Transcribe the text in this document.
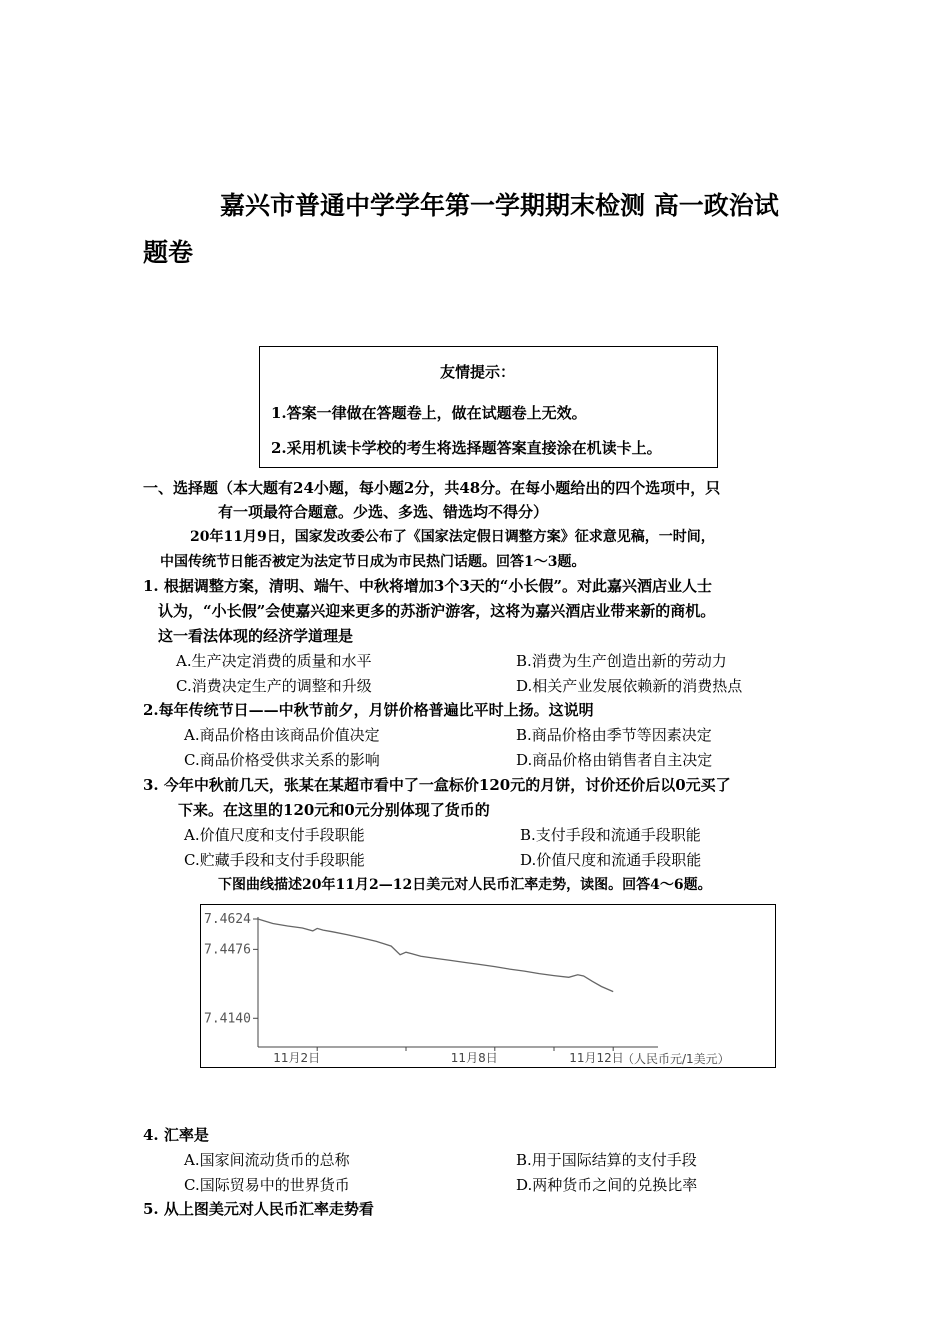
嘉兴市普通中学学年第一学期期末检测 高一政治试
题卷
友情提示：
1.答案一律做在答题卷上，做在试题卷上无效。
2.采用机读卡学校的考生将选择题答案直接涂在机读卡上。
一、选择题（本大题有24小题，每小题2分，共48分。在每小题给出的四个选项中，只
有一项最符合题意。少选、多选、错选均不得分）
20年11月9日，国家发改委公布了《国家法定假日调整方案》征求意见稿，一时间，
中国传统节日能否被定为法定节日成为市民热门话题。回答1～3题。
1. 根据调整方案，清明、端午、中秋将增加3个3天的“小长假”。对此嘉兴酒店业人士
认为，“小长假”会使嘉兴迎来更多的苏浙沪游客，这将为嘉兴酒店业带来新的商机。
这一看法体现的经济学道理是
A.生产决定消费的质量和水平	B.消费为生产创造出新的劳动力
C.消费决定生产的调整和升级	D.相关产业发展依赖新的消费热点
2.每年传统节日——中秋节前夕，月饼价格普遍比平时上扬。这说明
A.商品价格由该商品价值决定	B.商品价格由季节等因素决定
C.商品价格受供求关系的影响	D.商品价格由销售者自主决定
3. 今年中秋前几天，张某在某超市看中了一盒标价120元的月饼，讨价还价后以0元买了
下来。在这里的120元和0元分别体现了货币的
A.价值尺度和支付手段职能	B.支付手段和流通手段职能
C.贮藏手段和支付手段职能	D.价值尺度和流通手段职能
下图曲线描述20年11月2—12日美元对人民币汇率走势，读图。回答4～6题。
7.4624
7.4476
7.4140
11月2日	11月8日	11月12日
（人民币元/1美元）
4. 汇率是
A.国家间流动货币的总称	B.用于国际结算的支付手段
C.国际贸易中的世界货币	D.两种货币之间的兑换比率
5. 从上图美元对人民币汇率走势看
